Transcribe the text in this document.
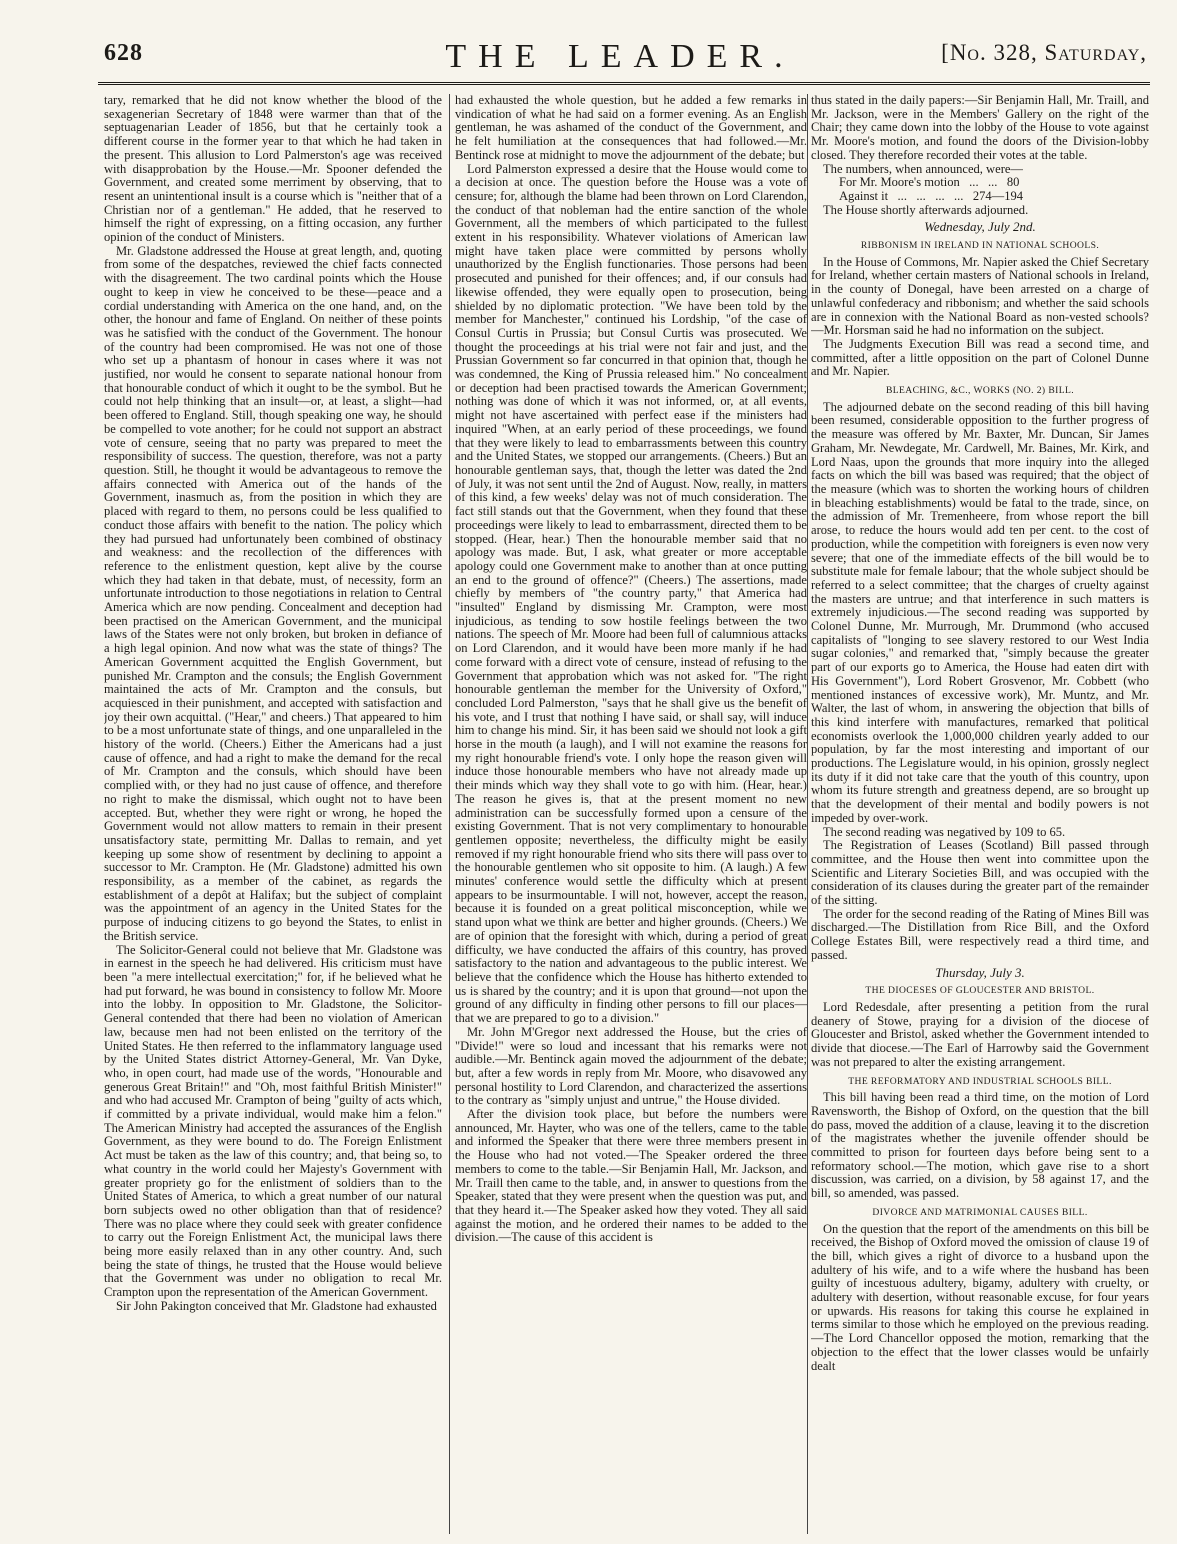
628	THE LEADER.	[No. 328, Saturday,

tary, remarked that he did not know whether the blood of the sexagenerian Secretary of 1848 were warmer than that of the septuagenarian Leader of 1856, but that he certainly took a different course in the former year to that which he had taken in the present. This allusion to Lord Palmerston's age was received with disapprobation by the House.—Mr. Spooner defended the Government, and created some merriment by observing, that to resent an unintentional insult is a course which is "neither that of a Christian nor of a gentleman." He added, that he reserved to himself the right of expressing, on a fitting occasion, any further opinion of the conduct of Ministers.

Mr. Gladstone addressed the House at great length, and, quoting from some of the despatches, reviewed the chief facts connected with the disagreement. The two cardinal points which the House ought to keep in view he conceived to be these—peace and a cordial understanding with America on the one hand, and, on the other, the honour and fame of England. On neither of these points was he satisfied with the conduct of the Government. The honour of the country had been compromised. He was not one of those who set up a phantasm of honour in cases where it was not justified, nor would he consent to separate national honour from that honourable conduct of which it ought to be the symbol. But he could not help thinking that an insult—or, at least, a slight—had been offered to England. Still, though speaking one way, he should be compelled to vote another; for he could not support an abstract vote of censure, seeing that no party was prepared to meet the responsibility of success. The question, therefore, was not a party question. Still, he thought it would be advantageous to remove the affairs connected with America out of the hands of the Government, inasmuch as, from the position in which they are placed with regard to them, no persons could be less qualified to conduct those affairs with benefit to the nation. The policy which they had pursued had unfortunately been combined of obstinacy and weakness: and the recollection of the differences with reference to the enlistment question, kept alive by the course which they had taken in that debate, must, of necessity, form an unfortunate introduction to those negotiations in relation to Central America which are now pending. Concealment and deception had been practised on the American Government, and the municipal laws of the States were not only broken, but broken in defiance of a high legal opinion. And now what was the state of things? The American Government acquitted the English Government, but punished Mr. Crampton and the consuls; the English Government maintained the acts of Mr. Crampton and the consuls, but acquiesced in their punishment, and accepted with satisfaction and joy their own acquittal. ("Hear," and cheers.) That appeared to him to be a most unfortunate state of things, and one unparalleled in the history of the world. (Cheers.) Either the Americans had a just cause of offence, and had a right to make the demand for the recal of Mr. Crampton and the consuls, which should have been complied with, or they had no just cause of offence, and therefore no right to make the dismissal, which ought not to have been accepted. But, whether they were right or wrong, he hoped the Government would not allow matters to remain in their present unsatisfactory state, permitting Mr. Dallas to remain, and yet keeping up some show of resentment by declining to appoint a successor to Mr. Crampton. He (Mr. Gladstone) admitted his own responsibility, as a member of the cabinet, as regards the establishment of a depôt at Halifax; but the subject of complaint was the appointment of an agency in the United States for the purpose of inducing citizens to go beyond the States, to enlist in the British service.

The Solicitor-General could not believe that Mr. Gladstone was in earnest in the speech he had delivered. His criticism must have been "a mere intellectual exercitation;" for, if he believed what he had put forward, he was bound in consistency to follow Mr. Moore into the lobby. In opposition to Mr. Gladstone, the Solicitor-General contended that there had been no violation of American law, because men had not been enlisted on the territory of the United States. He then referred to the inflammatory language used by the United States district Attorney-General, Mr. Van Dyke, who, in open court, had made use of the words, "Honourable and generous Great Britain!" and "Oh, most faithful British Minister!" and who had accused Mr. Crampton of being "guilty of acts which, if committed by a private individual, would make him a felon." The American Ministry had accepted the assurances of the English Government, as they were bound to do. The Foreign Enlistment Act must be taken as the law of this country; and, that being so, to what country in the world could her Majesty's Government with greater propriety go for the enlistment of soldiers than to the United States of America, to which a great number of our natural born subjects owed no other obligation than that of residence? There was no place where they could seek with greater confidence to carry out the Foreign Enlistment Act, the municipal laws there being more easily relaxed than in any other country. And, such being the state of things, he trusted that the House would believe that the Government was under no obligation to recal Mr. Crampton upon the representation of the American Government.

Sir John Pakington conceived that Mr. Gladstone had exhausted

had exhausted the whole question, but he added a few remarks in vindication of what he had said on a former evening. As an English gentleman, he was ashamed of the conduct of the Government, and he felt humiliation at the consequences that had followed.—Mr. Bentinck rose at midnight to move the adjournment of the debate; but

Lord Palmerston expressed a desire that the House would come to a decision at once. The question before the House was a vote of censure; for, although the blame had been thrown on Lord Clarendon, the conduct of that nobleman had the entire sanction of the whole Government, all the members of which participated to the fullest extent in his responsibility. Whatever violations of American law might have taken place were committed by persons wholly unauthorized by the English functionaries. Those persons had been prosecuted and punished for their offences; and, if our consuls had likewise offended, they were equally open to prosecution, being shielded by no diplomatic protection. "We have been told by the member for Manchester," continued his Lordship, "of the case of Consul Curtis in Prussia; but Consul Curtis was prosecuted. We thought the proceedings at his trial were not fair and just, and the Prussian Government so far concurred in that opinion that, though he was condemned, the King of Prussia released him." No concealment or deception had been practised towards the American Government; nothing was done of which it was not informed, or, at all events, might not have ascertained with perfect ease if the ministers had inquired "When, at an early period of these proceedings, we found that they were likely to lead to embarrassments between this country and the United States, we stopped our arrangements. (Cheers.) But an honourable gentleman says, that, though the letter was dated the 2nd of July, it was not sent until the 2nd of August. Now, really, in matters of this kind, a few weeks' delay was not of much consideration. The fact still stands out that the Government, when they found that these proceedings were likely to lead to embarrassment, directed them to be stopped. (Hear, hear.) Then the honourable member said that no apology was made. But, I ask, what greater or more acceptable apology could one Government make to another than at once putting an end to the ground of offence?" (Cheers.) The assertions, made chiefly by members of "the country party," that America had "insulted" England by dismissing Mr. Crampton, were most injudicious, as tending to sow hostile feelings between the two nations. The speech of Mr. Moore had been full of calumnious attacks on Lord Clarendon, and it would have been more manly if he had come forward with a direct vote of censure, instead of refusing to the Government that approbation which was not asked for. "The right honourable gentleman the member for the University of Oxford," concluded Lord Palmerston, "says that he shall give us the benefit of his vote, and I trust that nothing I have said, or shall say, will induce him to change his mind. Sir, it has been said we should not look a gift horse in the mouth (a laugh), and I will not examine the reasons for my right honourable friend's vote. I only hope the reason given will induce those honourable members who have not already made up their minds which way they shall vote to go with him. (Hear, hear.) The reason he gives is, that at the present moment no new administration can be successfully formed upon a censure of the existing Government. That is not very complimentary to honourable gentlemen opposite; nevertheless, the difficulty might be easily removed if my right honourable friend who sits there will pass over to the honourable gentlemen who sit opposite to him. (A laugh.) A few minutes' conference would settle the difficulty which at present appears to be insurmountable. I will not, however, accept the reason, because it is founded on a great political misconception, while we stand upon what we think are better and higher grounds. (Cheers.) We are of opinion that the foresight with which, during a period of great difficulty, we have conducted the affairs of this country, has proved satisfactory to the nation and advantageous to the public interest. We believe that the confidence which the House has hitherto extended to us is shared by the country; and it is upon that ground—not upon the ground of any difficulty in finding other persons to fill our places—that we are prepared to go to a division."

Mr. John M'Gregor next addressed the House, but the cries of "Divide!" were so loud and incessant that his remarks were not audible.—Mr. Bentinck again moved the adjournment of the debate; but, after a few words in reply from Mr. Moore, who disavowed any personal hostility to Lord Clarendon, and characterized the assertions to the contrary as "simply unjust and untrue," the House divided.

After the division took place, but before the numbers were announced, Mr. Hayter, who was one of the tellers, came to the table and informed the Speaker that there were three members present in the House who had not voted.—The Speaker ordered the three members to come to the table.—Sir Benjamin Hall, Mr. Jackson, and Mr. Traill then came to the table, and, in answer to questions from the Speaker, stated that they were present when the question was put, and that they heard it.—The Speaker asked how they voted. They all said against the motion, and he ordered their names to be added to the division.—The cause of this accident is

thus stated in the daily papers:—Sir Benjamin Hall, Mr. Traill, and Mr. Jackson, were in the Members' Gallery on the right of the Chair; they came down into the lobby of the House to vote against Mr. Moore's motion, and found the doors of the Division-lobby closed. They therefore recorded their votes at the table.

The numbers, when announced, were—

For Mr. Moore's motion   ...   ...   80
Against it   ...   ...   ...   ...   274—194

The House shortly afterwards adjourned.

Wednesday, July 2nd.
RIBBONISM IN IRELAND IN NATIONAL SCHOOLS.

In the House of Commons, Mr. Napier asked the Chief Secretary for Ireland, whether certain masters of National schools in Ireland, in the county of Donegal, have been arrested on a charge of unlawful confederacy and ribbonism; and whether the said schools are in connexion with the National Board as non-vested schools?—Mr. Horsman said he had no information on the subject.

The Judgments Execution Bill was read a second time, and committed, after a little opposition on the part of Colonel Dunne and Mr. Napier.

BLEACHING, &C., WORKS (NO. 2) BILL.

The adjourned debate on the second reading of this bill having been resumed, considerable opposition to the further progress of the measure was offered by Mr. Baxter, Mr. Duncan, Sir James Graham, Mr. Newdegate, Mr. Cardwell, Mr. Baines, Mr. Kirk, and Lord Naas, upon the grounds that more inquiry into the alleged facts on which the bill was based was required; that the object of the measure (which was to shorten the working hours of children in bleaching establishments) would be fatal to the trade, since, on the admission of Mr. Tremenheere, from whose report the bill arose, to reduce the hours would add ten per cent. to the cost of production, while the competition with foreigners is even now very severe; that one of the immediate effects of the bill would be to substitute male for female labour; that the whole subject should be referred to a select committee; that the charges of cruelty against the masters are untrue; and that interference in such matters is extremely injudicious.—The second reading was supported by Colonel Dunne, Mr. Murrough, Mr. Drummond (who accused capitalists of "longing to see slavery restored to our West India sugar colonies," and remarked that, "simply because the greater part of our exports go to America, the House had eaten dirt with His Government"), Lord Robert Grosvenor, Mr. Cobbett (who mentioned instances of excessive work), Mr. Muntz, and Mr. Walter, the last of whom, in answering the objection that bills of this kind interfere with manufactures, remarked that political economists overlook the 1,000,000 children yearly added to our population, by far the most interesting and important of our productions. The Legislature would, in his opinion, grossly neglect its duty if it did not take care that the youth of this country, upon whom its future strength and greatness depend, are so brought up that the development of their mental and bodily powers is not impeded by over-work.

The second reading was negatived by 109 to 65.

The Registration of Leases (Scotland) Bill passed through committee, and the House then went into committee upon the Scientific and Literary Societies Bill, and was occupied with the consideration of its clauses during the greater part of the remainder of the sitting.

The order for the second reading of the Rating of Mines Bill was discharged.—The Distillation from Rice Bill, and the Oxford College Estates Bill, were respectively read a third time, and passed.

Thursday, July 3.
THE DIOCESES OF GLOUCESTER AND BRISTOL.

Lord Redesdale, after presenting a petition from the rural deanery of Stowe, praying for a division of the diocese of Gloucester and Bristol, asked whether the Government intended to divide that diocese.—The Earl of Harrowby said the Government was not prepared to alter the existing arrangement.

THE REFORMATORY AND INDUSTRIAL SCHOOLS BILL.

This bill having been read a third time, on the motion of Lord Ravensworth, the Bishop of Oxford, on the question that the bill do pass, moved the addition of a clause, leaving it to the discretion of the magistrates whether the juvenile offender should be committed to prison for fourteen days before being sent to a reformatory school.—The motion, which gave rise to a short discussion, was carried, on a division, by 58 against 17, and the bill, so amended, was passed.

DIVORCE AND MATRIMONIAL CAUSES BILL.

On the question that the report of the amendments on this bill be received, the Bishop of Oxford moved the omission of clause 19 of the bill, which gives a right of divorce to a husband upon the adultery of his wife, and to a wife where the husband has been guilty of incestuous adultery, bigamy, adultery with cruelty, or adultery with desertion, without reasonable excuse, for four years or upwards. His reasons for taking this course he explained in terms similar to those which he employed on the previous reading.—The Lord Chancellor opposed the motion, remarking that the objection to the effect that the lower classes would be unfairly dealt
